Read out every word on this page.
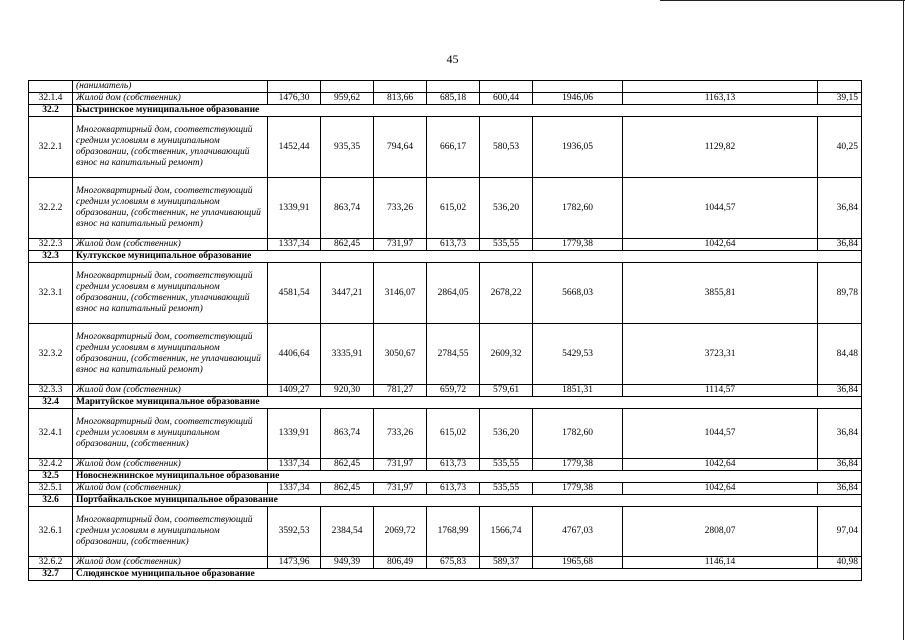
45
	(наниматель)								
32.1.4	Жилой дом (собственник)	1476,30	959,62	813,66	685,18	600,44	1946,06	1163,13	39,15
32.2	Быстринское муниципальное образование								
32.2.1	Многоквартирный дом, соответствующий средним условиям в муниципальном образовании, (собственник, уплачивающий взнос на капитальный ремонт)	1452,44	935,35	794,64	666,17	580,53	1936,05	1129,82	40,25
32.2.2	Многоквартирный дом, соответствующий средним условиям в муниципальном образовании, (собственник, не уплачивающий взнос на капитальный ремонт)	1339,91	863,74	733,26	615,02	536,20	1782,60	1044,57	36,84
32.2.3	Жилой дом (собственник)	1337,34	862,45	731,97	613,73	535,55	1779,38	1042,64	36,84
32.3	Култукское муниципальное образование								
32.3.1	Многоквартирный дом, соответствующий средним условиям в муниципальном образовании, (собственник, уплачивающий взнос на капитальный ремонт)	4581,54	3447,21	3146,07	2864,05	2678,22	5668,03	3855,81	89,78
32.3.2	Многоквартирный дом, соответствующий средним условиям в муниципальном образовании, (собственник, не уплачивающий взнос на капитальный ремонт)	4406,64	3335,91	3050,67	2784,55	2609,32	5429,53	3723,31	84,48
32.3.3	Жилой дом (собственник)	1409,27	920,30	781,27	659,72	579,61	1851,31	1114,57	36,84
32.4	Маритуйское муниципальное образование								
32.4.1	Многоквартирный дом, соответствующий средним условиям в муниципальном образовании, (собственник)	1339,91	863,74	733,26	615,02	536,20	1782,60	1044,57	36,84
32.4.2	Жилой дом (собственник)	1337,34	862,45	731,97	613,73	535,55	1779,38	1042,64	36,84
32.5	Новоснежнинское муниципальное образование								
32.5.1	Жилой дом (собственник)	1337,34	862,45	731,97	613,73	535,55	1779,38	1042,64	36,84
32.6	Портбайкальское муниципальное образование								
32.6.1	Многоквартирный дом, соответствующий средним условиям в муниципальном образовании, (собственник)	3592,53	2384,54	2069,72	1768,99	1566,74	4767,03	2808,07	97,04
32.6.2	Жилой дом (собственник)	1473,96	949,39	806,49	675,83	589,37	1965,68	1146,14	40,98
32.7	Слюдянское муниципальное образование								
